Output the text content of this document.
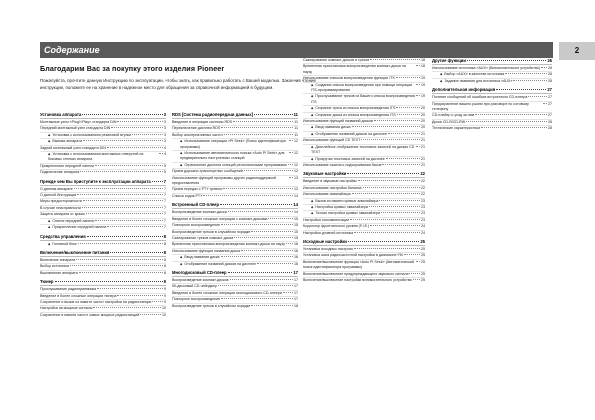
Содержание	2
Благодарим Вас за покупку этого изделия Pioneer
Пожалуйста, прочтите данную Инструкцию по эксплуатации, чтобы знать, как правильно работать с Вашей моделью. Закончив чтение инструкции, положите ее на хранение в надежное место для обращения за справочной информацией в будущем.
Установка аппарата	3
Монтажные узлы «Plug'n'Play» стандарта DIN	3
Передний монтажный узел стандарта DIN	3
◆ Установка с использованием резиновой втулки	3
◆ Выемка аппарата	3
Задний монтажный узел стандарта DIN	4
◆ Установка с использованием монтажных отверстий на боковых стенках аппарата
4
Прикрепление передней панели	5
Подключение аппарата	5
Прежде чем Вы приступите к эксплуатации аппарата	7
О данном аппарате	7
О данной Инструкции	7
Меры предосторожности	7
В случае неисправности	7
Защита аппарата от кражи	7
◆ Снятие передней панели	7
◆ Прикрепление передней панели	7
Средства управления	8
◆ Головной блок	8
Включение/выключение питания	8
Включение аппарата	8
Выбор источника	8
Выключение аппарата	8
Тюнер	9
Прослушивание радиоприемника	9
Введение в более сложные операции тюнера	9
Сохранение и вызов из памяти частот настройки на радиостанции	9
Настройка на мощные сигналы	10
Сохранение в памяти частот самых мощных радиостанций	10
RDS [Система радиопередачи данных]	11
Введение в операции системы RDS	11
Переключение дисплея RDS	11
Выбор альтернативных частот	11
◆ Использование операции «PI Seek» (Поиск идентификатора программы)
12
◆ Использование автоматического поиска «Auto PI Seek» для предварительно настроенных станций
12
◆ Ограничение дисплея станций региональными программами 12
Прием дорожно-транспортных сообщений	12
Использование функций программы других радиоподдержкой предоставления
13
Прием передач с PTY тревоги	13
Список кодов PTY	14
Встроенный CD-плеер	14
Воспроизведение компакт-диска	14
Введение в более сложные операции с компакт-дисками	15
Повторное воспроизведение	15
Воспроизведение треков в случайном порядке	15
Сканирование треков компакт-диска	15
Временная приостановка воспроизведения компакт-диска на паузу	16
Использование функции названия диска	16
◆ Ввод названия диска	16
◆ Отображение названий дисков на дисплее	16
Многодисковый CD-плеер	17
Воспроизведение компакт-дисков	17
50-дисковый CD-чейнджер	17
Введение в более сложные операции многодискового CD-плеера	17
Повторное воспроизведение	17
Воспроизведение треков в случайном порядке	18
Сканирование компакт-дисков и треков	18
Временная приостановка воспроизведения компакт-диска на паузу
18
Использование списков воспроизведения функции ITS	19
◆ Создание списка воспроизведения при помощи операции ITS-программирования
19
◆ Прослушивание треков из Вашего списка воспроизведения ITS
19
◆ Стирание трека из списка воспроизведения ITS	20
◆ Стирание диска из списка воспроизведения ITS	20
Использование функций названий дисков	20
◆ Ввод названия диска	20
◆ Отображение названий дисков на дисплее	21
Использование функций CD TEXT	21
◆ Дисплейное отображение текстовых записей на дисках CD TEXT
21
◆ Прокрутка текстовых записей на дисплее	21
Использование сжатия и подчеркивания басов	21
Звуковые настройки	22
Введение в звуковые настройки	22
Использование настройки баланса	22
Использование эквалайзера	22
◆ Вызов из памяти кривых эквалайзера	23
◆ Настройка кривых эквалайзера	23
◆ Точная настройка кривых эквалайзера	23
Настройка тонкомпенсации	23
Корректор фронтального уровня (F.I.E.)	24
Настройка уровней источника	24
Исходные настройки	25
Установка исходных настроек	25
Установка шага радиочастотной настройки в диапазоне FM	25
Включение/выключение функции «Auto PI Seek» (Автоматический поиск идентификатора программы)
25
Включение/выключение предупреждающего звукового сигнала	25
Включение/выключение настройки вспомогательного устройства	25
Другие функции	26
Использование источника «AUX» (Вспомогательное устройство) 26
◆ Выбор «AUX» в качестве источника	26
◆ Задание названия для источника «AUX»	26
Дополнительная информация	27
Понятие сообщений об ошибках встроенного CD-плеера	27
Предохранение вашего ржани при разговоре по сотовому телефону
27
CD-плейер и уход за ним	27
Диски CD-R/CD-RW	28
Технические характеристики	28
